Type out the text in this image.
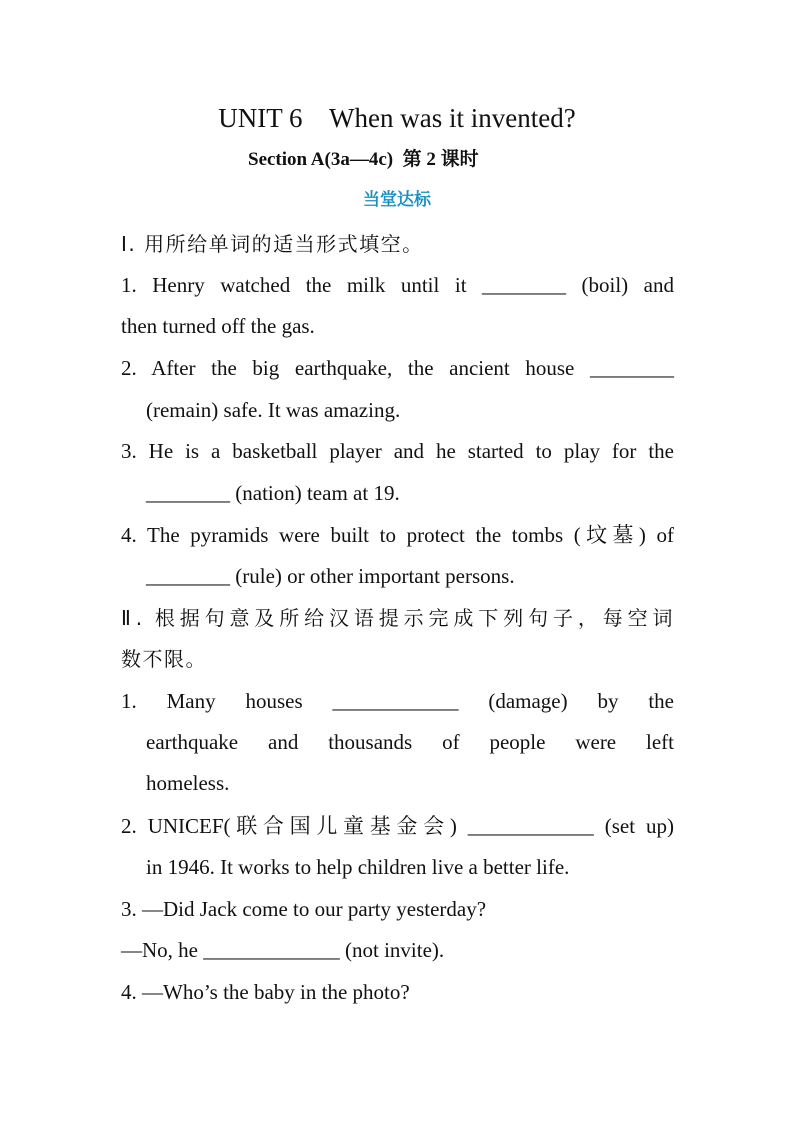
UNIT 6    When was it invented?
Section A(3a—4c)  第 2 课时
当堂达标
Ⅰ. 用所给单词的适当形式填空。
1. Henry watched the milk until it ________ (boil) and
then turned off the gas.
2. After the big earthquake, the ancient house ________
(remain) safe. It was amazing.
3. He is a basketball player and he started to play for the
________ (nation) team at 19.
4. The pyramids were built to protect the tombs (坟墓) of
________ (rule) or other important persons.
Ⅱ. 根据句意及所给汉语提示完成下列句子，每空词
数不限。
1. Many houses ____________ (damage) by the
earthquake and thousands of people were left
homeless.
2. UNICEF(联合国儿童基金会) ____________ (set up)
in 1946. It works to help children live a better life.
3. —Did Jack come to our party yesterday?
—No, he _____________ (not invite).
4. —Who’s the baby in the photo?
